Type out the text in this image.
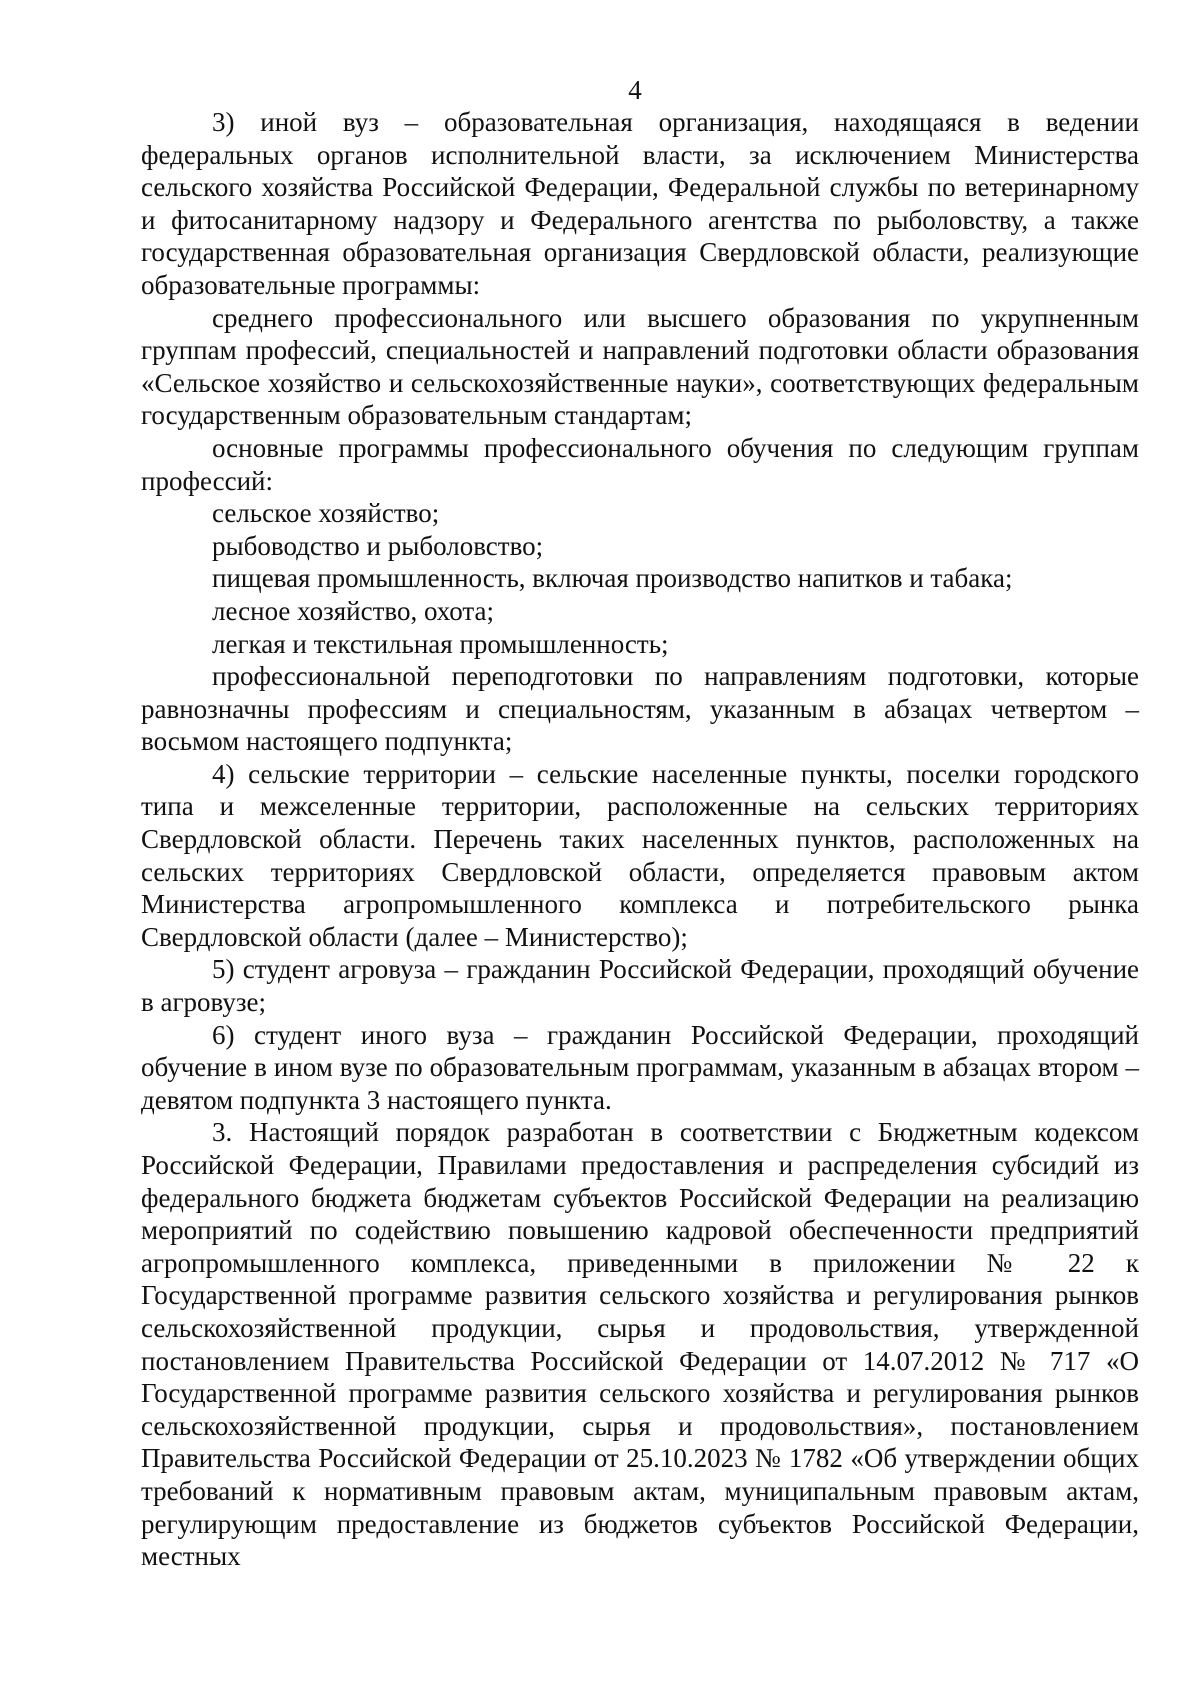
4

3) иной вуз – образовательная организация, находящаяся в ведении федеральных органов исполнительной власти, за исключением Министерства сельского хозяйства Российской Федерации, Федеральной службы по ветеринарному и фитосанитарному надзору и Федерального агентства по рыболовству, а также государственная образовательная организация Свердловской области, реализующие образовательные программы:

среднего профессионального или высшего образования по укрупненным группам профессий, специальностей и направлений подготовки области образования «Сельское хозяйство и сельскохозяйственные науки», соответствующих федеральным государственным образовательным стандартам;

основные программы профессионального обучения по следующим группам профессий:

сельское хозяйство;

рыбоводство и рыболовство;

пищевая промышленность, включая производство напитков и табака;

лесное хозяйство, охота;

легкая и текстильная промышленность;

профессиональной переподготовки по направлениям подготовки, которые равнозначны профессиям и специальностям, указанным в абзацах четвертом – восьмом настоящего подпункта;

4) сельские территории – сельские населенные пункты, поселки городского типа и межселенные территории, расположенные на сельских территориях Свердловской области. Перечень таких населенных пунктов, расположенных на сельских территориях Свердловской области, определяется правовым актом Министерства агропромышленного комплекса и потребительского рынка Свердловской области (далее – Министерство);

5) студент агровуза – гражданин Российской Федерации, проходящий обучение в агровузе;

6) студент иного вуза – гражданин Российской Федерации, проходящий обучение в ином вузе по образовательным программам, указанным в абзацах втором – девятом подпункта 3 настоящего пункта.

3. Настоящий порядок разработан в соответствии с Бюджетным кодексом Российской Федерации, Правилами предоставления и распределения субсидий из федерального бюджета бюджетам субъектов Российской Федерации на реализацию мероприятий по содействию повышению кадровой обеспеченности предприятий агропромышленного комплекса, приведенными в приложении № 22 к Государственной программе развития сельского хозяйства и регулирования рынков сельскохозяйственной продукции, сырья и продовольствия, утвержденной постановлением Правительства Российской Федерации от 14.07.2012 № 717 «О Государственной программе развития сельского хозяйства и регулирования рынков сельскохозяйственной продукции, сырья и продовольствия», постановлением Правительства Российской Федерации от 25.10.2023 № 1782 «Об утверждении общих требований к нормативным правовым актам, муниципальным правовым актам, регулирующим предоставление из бюджетов субъектов Российской Федерации, местных
